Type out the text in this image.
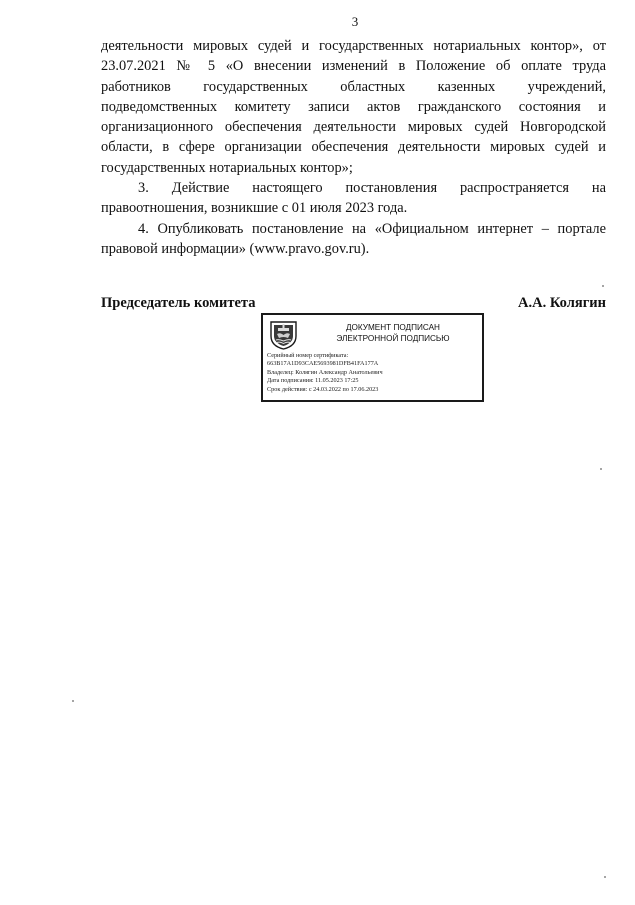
3
деятельности мировых судей и государственных нотариальных контор», от
23.07.2021 № 5 «О внесении изменений в Положение об оплате труда
работников государственных областных казенных учреждений,
подведомственных комитету записи актов гражданского состояния и
организационного обеспечения деятельности мировых судей Новгородской
области, в сфере организации обеспечения деятельности мировых судей и
государственных нотариальных контор»;
3. Действие настоящего постановления распространяется на
правоотношения, возникшие с 01 июля 2023 года.
4. Опубликовать постановление на «Официальном интернет – портале
правовой информации» (www.pravo.gov.ru).
Председатель комитета	А.А. Колягин
ДОКУМЕНТ ПОДПИСАН
ЭЛЕКТРОННОЙ ПОДПИСЬЮ
Серийный номер сертификата:
663B17A1D93CAE5693981DFB41FA177A
Владелец: Колягин Александр Анатольевич
Дата подписания: 11.05.2023 17:25
Срок действия: с 24.03.2022 по 17.06.2023
